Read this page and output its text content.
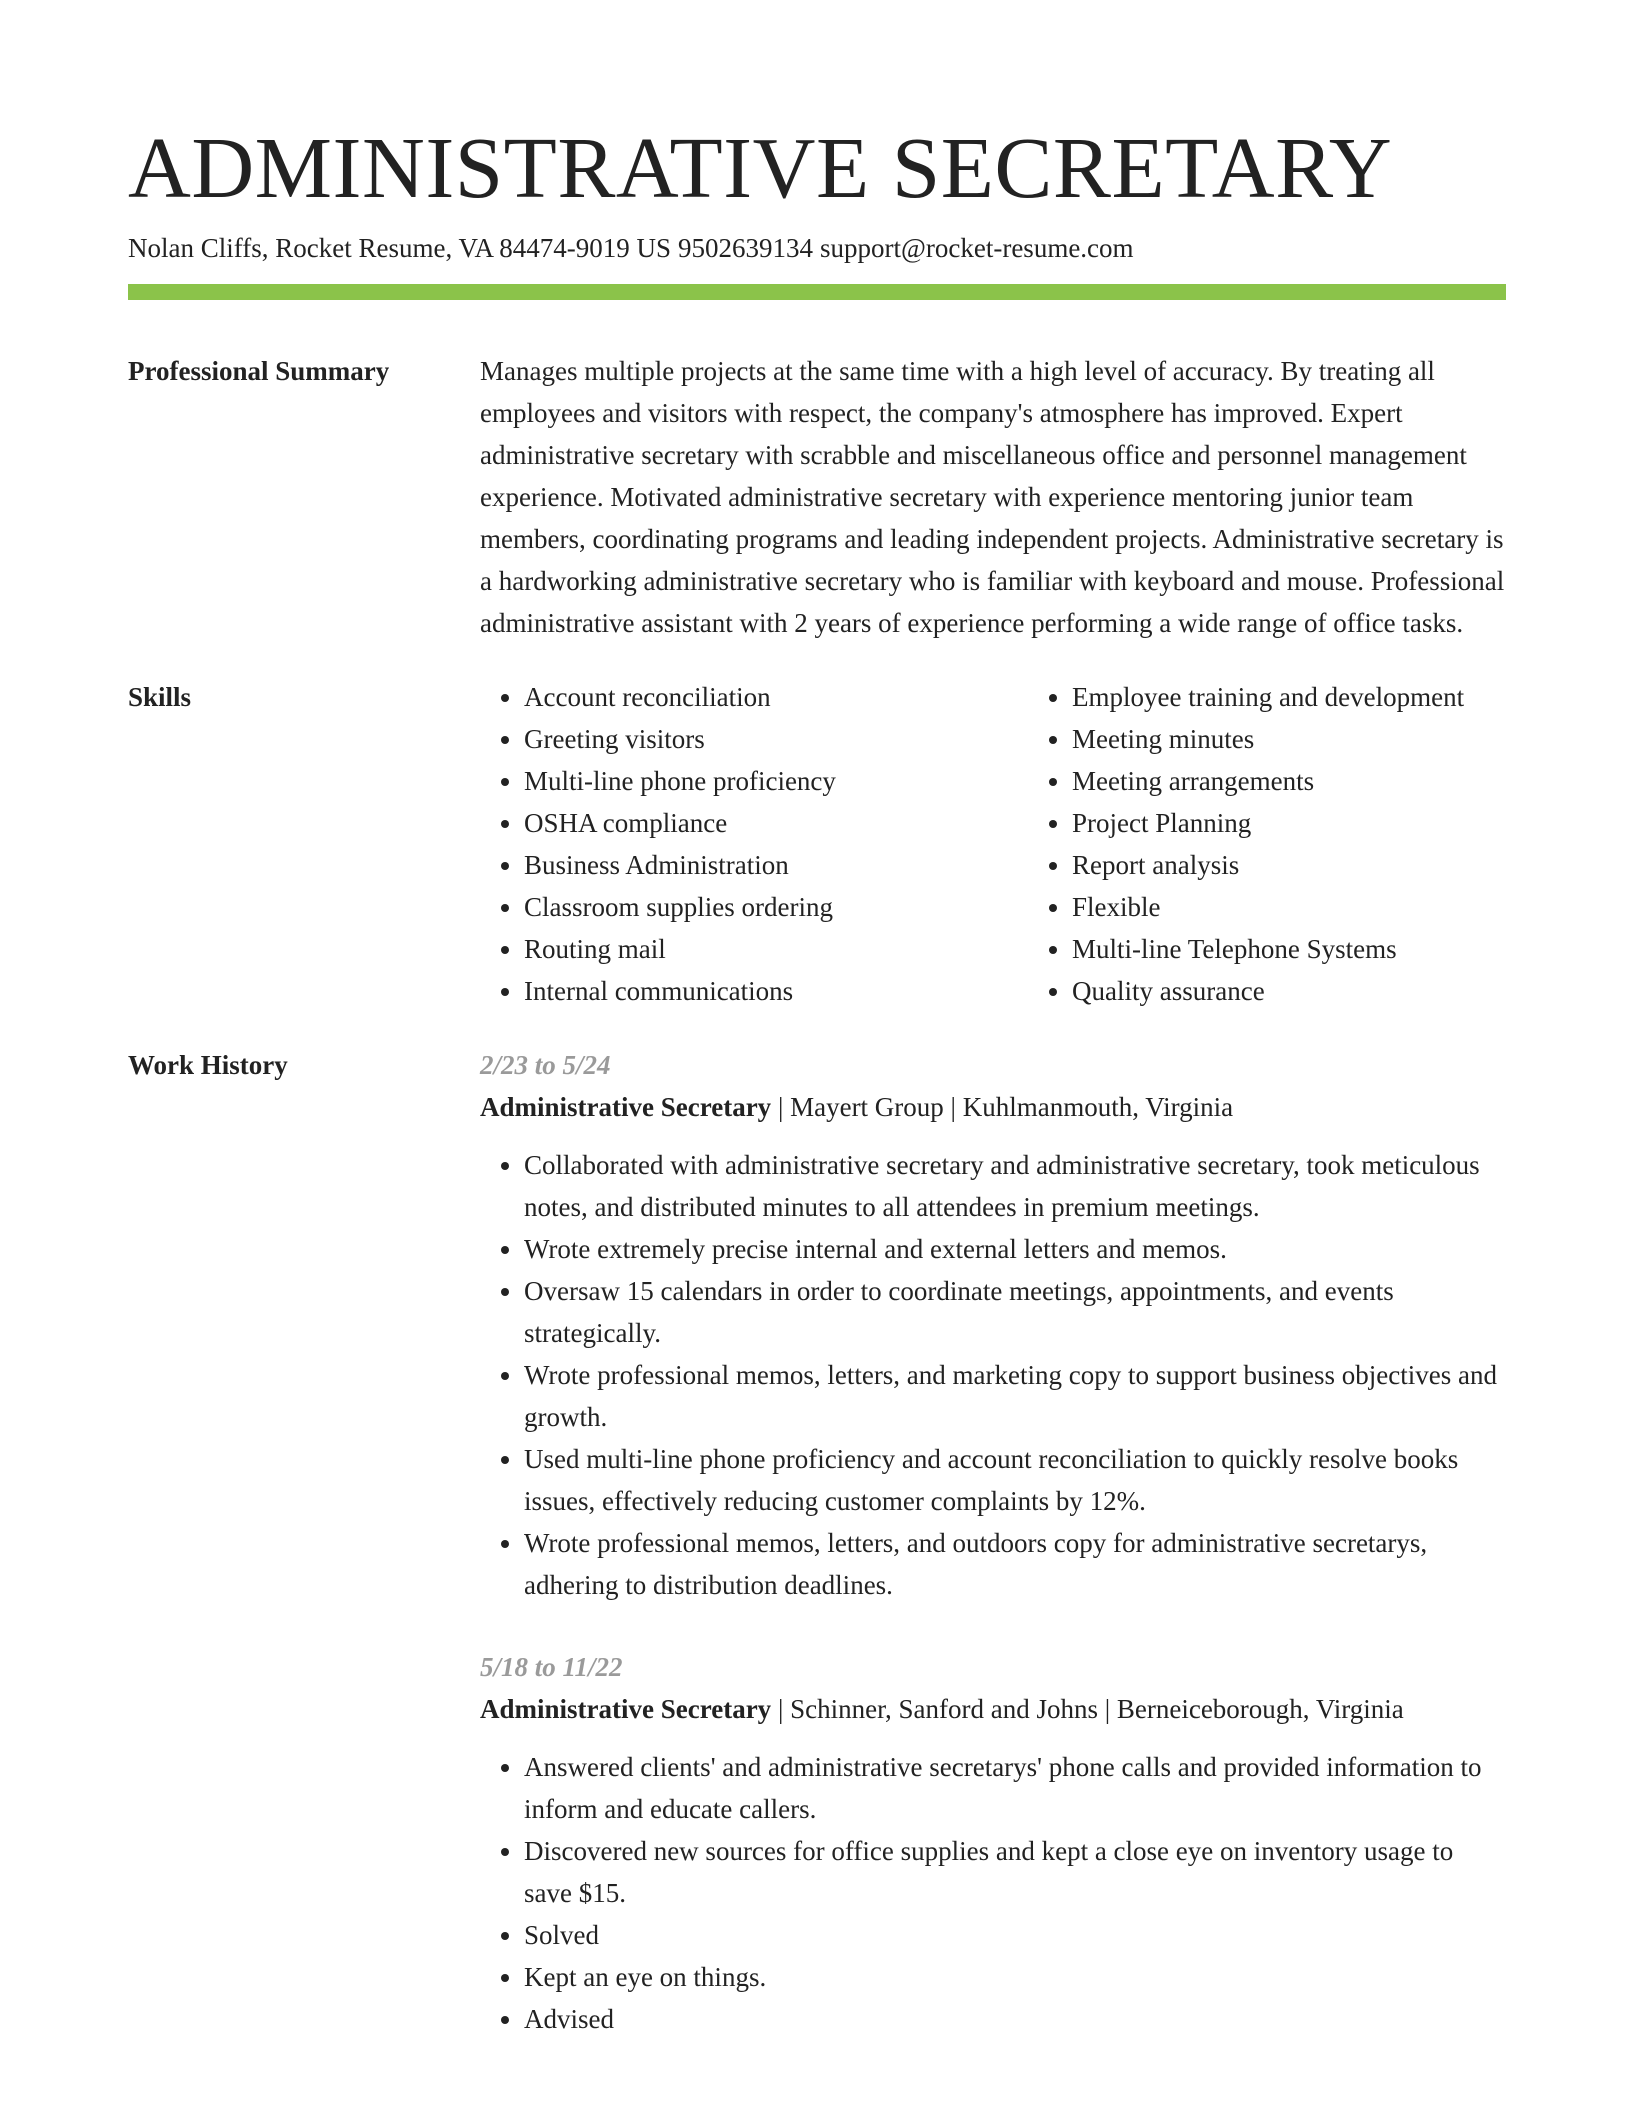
ADMINISTRATIVE SECRETARY
Nolan Cliffs, Rocket Resume, VA 84474-9019 US 9502639134 support@rocket-resume.com
Professional Summary	Manages multiple projects at the same time with a high level of accuracy. By treating all employees and visitors with respect, the company's atmosphere has improved. Expert administrative secretary with scrabble and miscellaneous office and personnel management experience. Motivated administrative secretary with experience mentoring junior team members, coordinating programs and leading independent projects. Administrative secretary is a hardworking administrative secretary who is familiar with keyboard and mouse. Professional administrative assistant with 2 years of experience performing a wide range of office tasks.

Skills
•	Account reconciliation
• Greeting visitors
• Multi-line phone proficiency
• OSHA compliance
• Business Administration
• Classroom supplies ordering
• Routing mail
• Internal communications
• Employee training and development
• Meeting minutes
• Meeting arrangements
• Project Planning
• Report analysis
• Flexible
• Multi-line Telephone Systems
• Quality assurance
Work History	2/23 to 5/24
Administrative Secretary | Mayert Group | Kuhlmanmouth, Virginia
• Collaborated with administrative secretary and administrative secretary, took meticulous notes, and distributed minutes to all attendees in premium meetings.
• Wrote extremely precise internal and external letters and memos.
• Oversaw 15 calendars in order to coordinate meetings, appointments, and events strategically.
• Wrote professional memos, letters, and marketing copy to support business objectives and growth.
• Used multi-line phone proficiency and account reconciliation to quickly resolve books issues, effectively reducing customer complaints by 12%.
• Wrote professional memos, letters, and outdoors copy for administrative secretarys, adhering to distribution deadlines.
5/18 to 11/22
Administrative Secretary | Schinner, Sanford and Johns | Berneiceborough, Virginia
• Answered clients' and administrative secretarys' phone calls and provided information to inform and educate callers.
• Discovered new sources for office supplies and kept a close eye on inventory usage to save $15.
• Solved
• Kept an eye on things.
• Advised
